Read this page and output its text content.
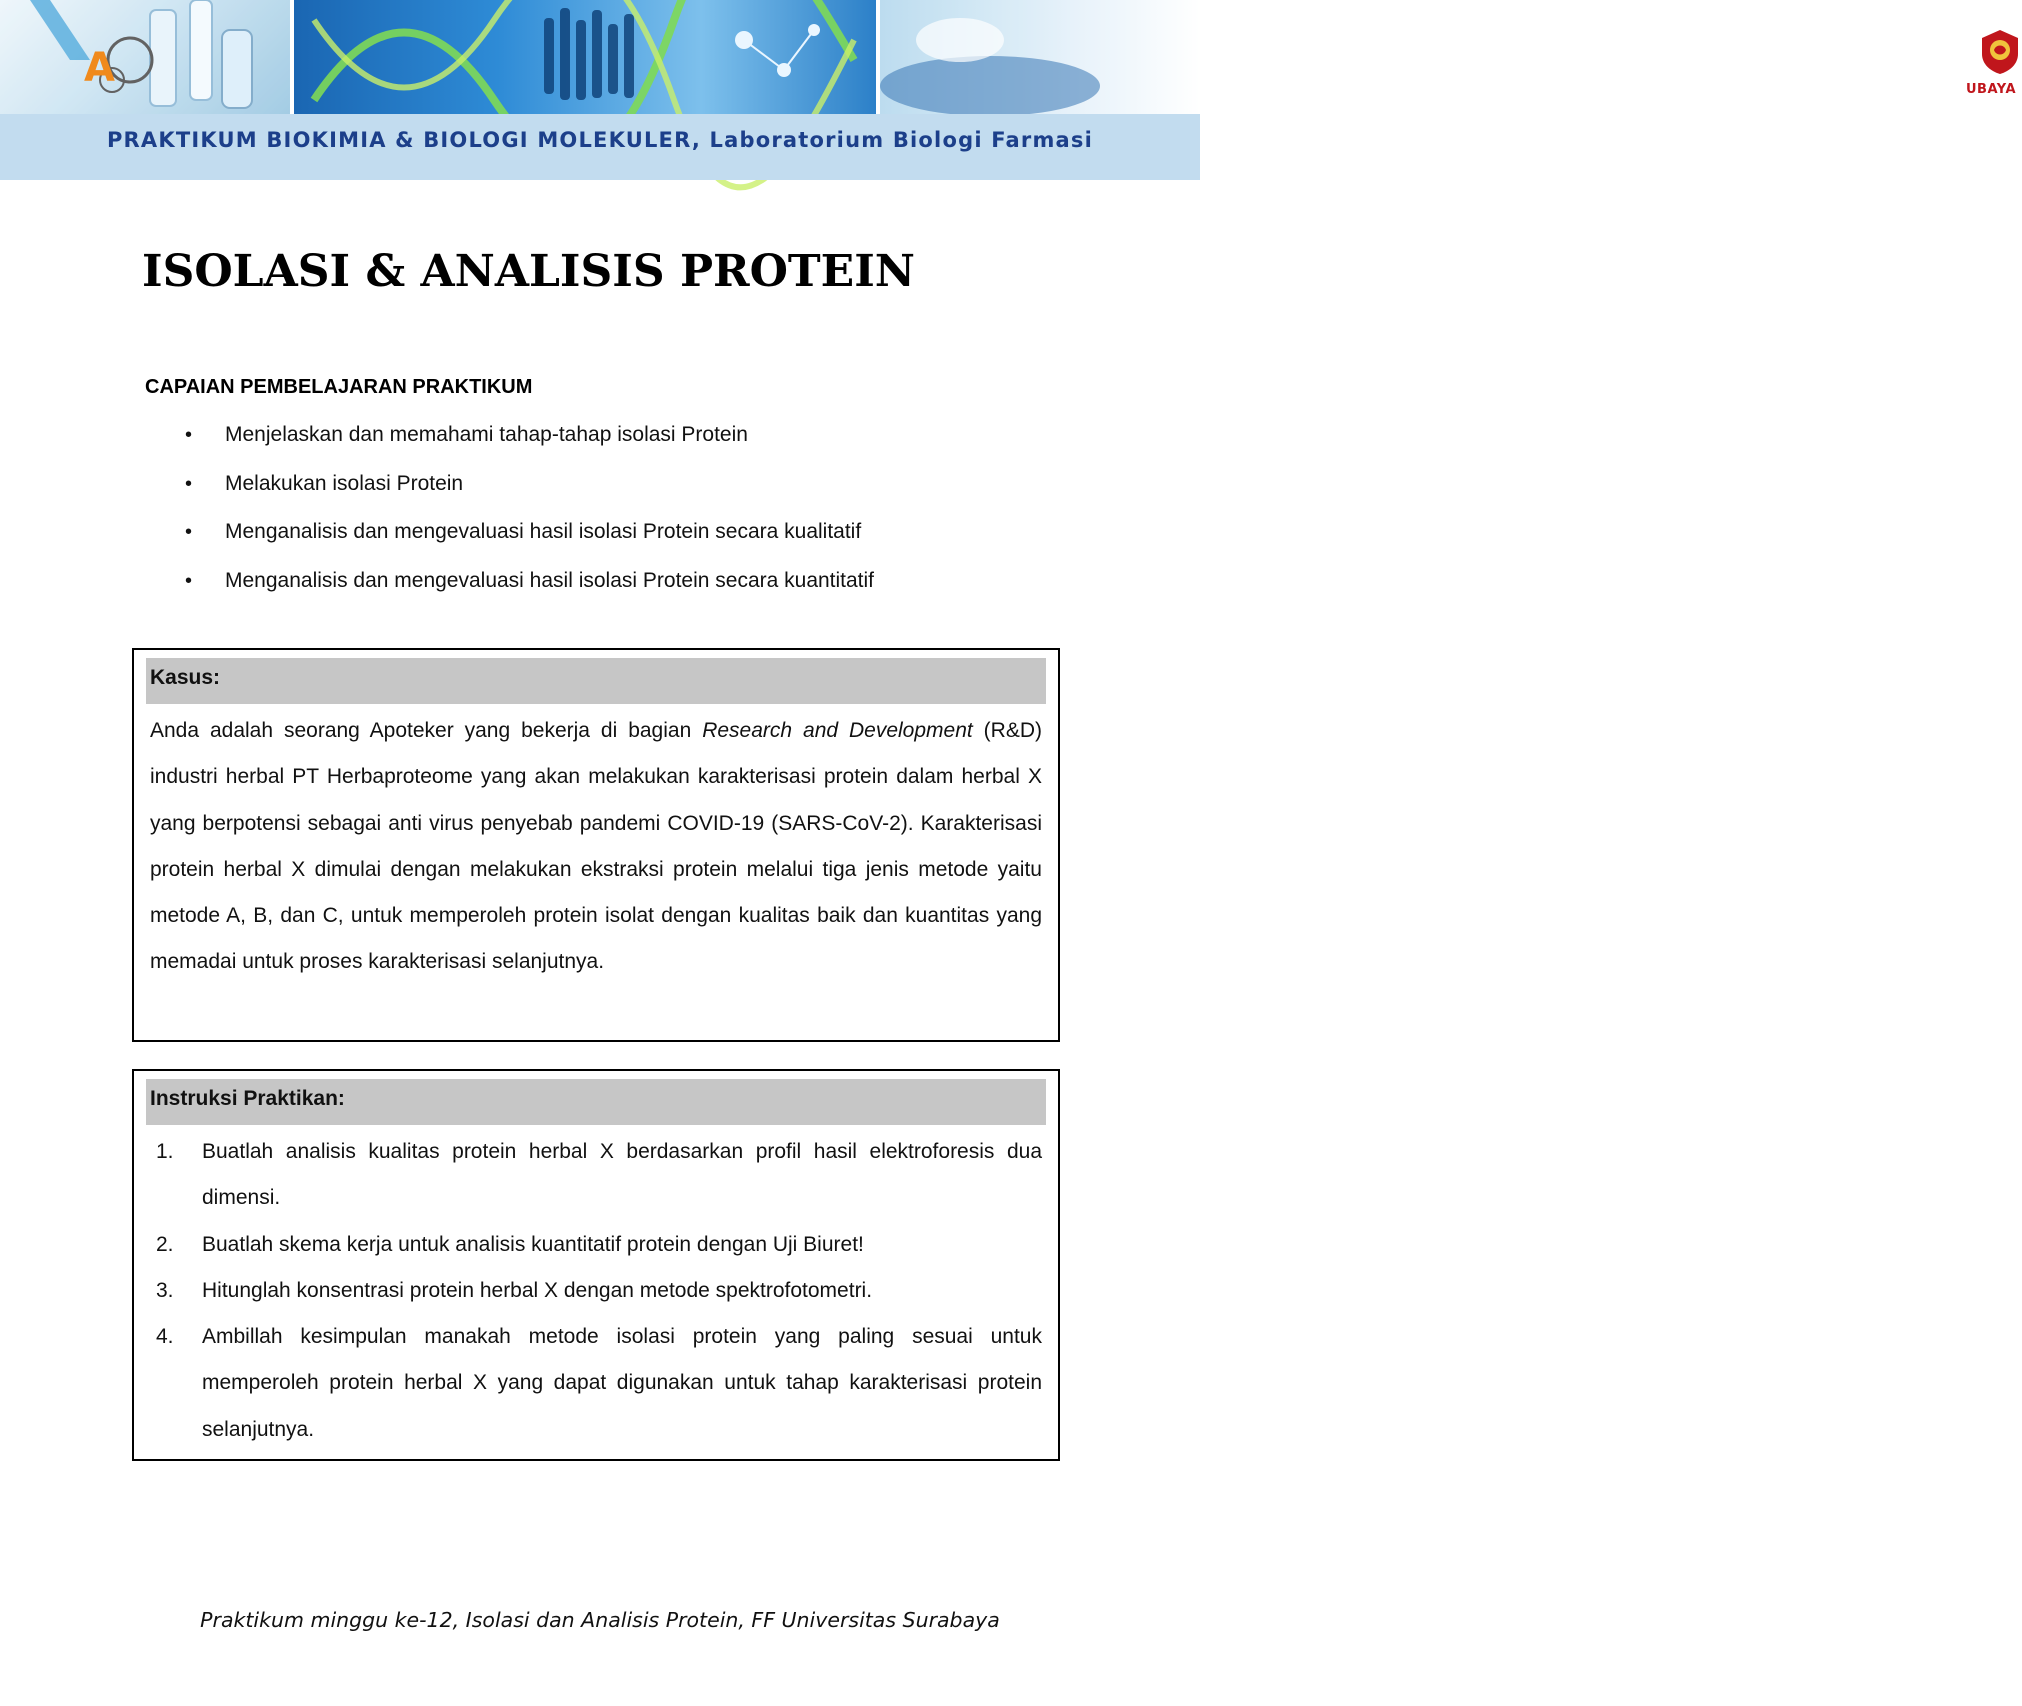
A	UBAYA
PRAKTIKUM BIOKIMIA & BIOLOGI MOLEKULER, Laboratorium Biologi Farmasi
ISOLASI & ANALISIS PROTEIN
CAPAIAN PEMBELAJARAN PRAKTIKUM
• Menjelaskan dan memahami tahap-tahap isolasi Protein
• Melakukan isolasi Protein
• Menganalisis dan mengevaluasi hasil isolasi Protein secara kualitatif
• Menganalisis dan mengevaluasi hasil isolasi Protein secara kuantitatif
Kasus:
Anda adalah seorang Apoteker yang bekerja di bagian Research and Development (R&D) industri herbal PT Herbaproteome yang akan melakukan karakterisasi protein dalam herbal X yang berpotensi sebagai anti virus penyebab pandemi COVID-19 (SARS-CoV-2). Karakterisasi protein herbal X dimulai dengan melakukan ekstraksi protein melalui tiga jenis metode yaitu metode A, B, dan C, untuk memperoleh protein isolat dengan kualitas baik dan kuantitas yang memadai untuk proses karakterisasi selanjutnya.
Instruksi Praktikan:
1. Buatlah analisis kualitas protein herbal X berdasarkan profil hasil elektroforesis dua dimensi.
2. Buatlah skema kerja untuk analisis kuantitatif protein dengan Uji Biuret!
3. Hitunglah konsentrasi protein herbal X dengan metode spektrofotometri.
4. Ambillah kesimpulan manakah metode isolasi protein yang paling sesuai untuk memperoleh protein herbal X yang dapat digunakan untuk tahap karakterisasi protein selanjutnya.
Praktikum minggu ke-12, Isolasi dan Analisis Protein, FF Universitas Surabaya
